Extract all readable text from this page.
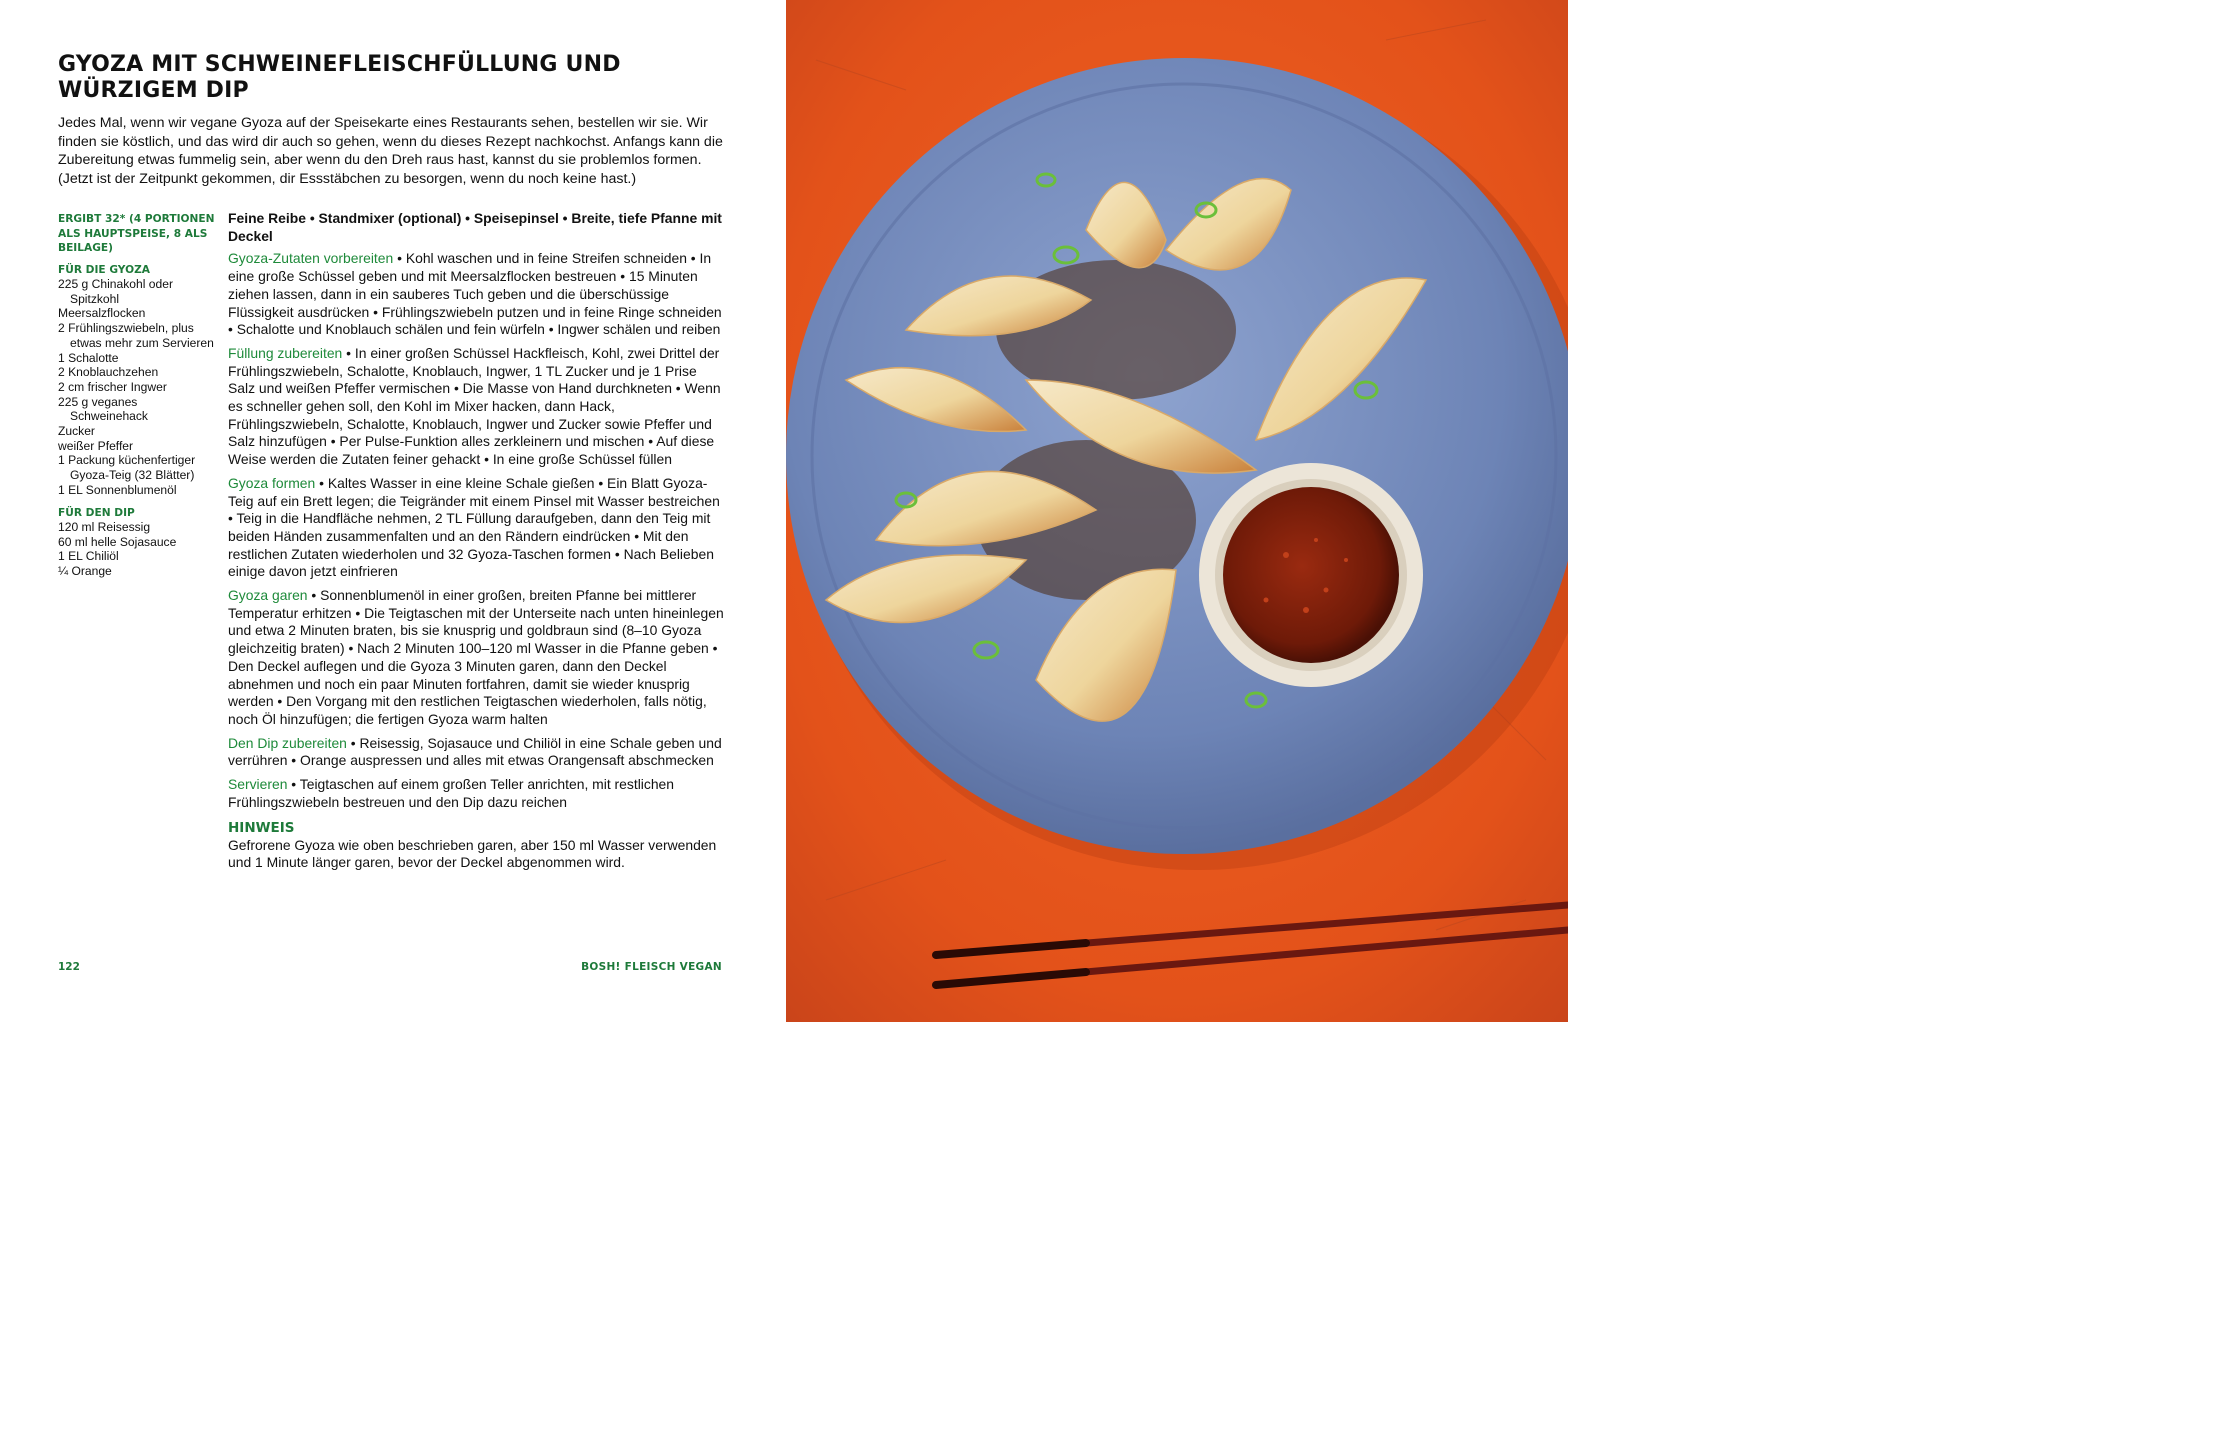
GYOZA MIT SCHWEINEFLEISCHFÜLLUNG UND WÜRZIGEM DIP

Jedes Mal, wenn wir vegane Gyoza auf der Speisekarte eines Restaurants sehen, bestellen wir sie. Wir finden sie köstlich, und das wird dir auch so gehen, wenn du dieses Rezept nachkochst. Anfangs kann die Zubereitung etwas fummelig sein, aber wenn du den Dreh raus hast, kannst du sie problemlos formen. (Jetzt ist der Zeitpunkt gekommen, dir Essstäbchen zu besorgen, wenn du noch keine hast.)

ERGIBT 32* (4 PORTIONEN ALS HAUPTSPEISE, 8 ALS BEILAGE)
FÜR DIE GYOZA
225 g Chinakohl oder Spitzkohl
Meersalzflocken
2 Frühlingszwiebeln, plus etwas mehr zum Servieren
1 Schalotte
2 Knoblauchzehen
2 cm frischer Ingwer
225 g veganes Schweinehack
Zucker
weißer Pfeffer
1 Packung küchenfertiger Gyoza-Teig (32 Blätter)
1 EL Sonnenblumenöl
FÜR DEN DIP
120 ml Reisessig
60 ml helle Sojasauce
1 EL Chiliöl
¼ Orange
Feine Reibe • Standmixer (optional) • Speisepinsel • Breite, tiefe Pfanne mit Deckel

Gyoza-Zutaten vorbereiten • Kohl waschen und in feine Streifen schneiden • In eine große Schüssel geben und mit Meersalzflocken bestreuen • 15 Minuten ziehen lassen, dann in ein sauberes Tuch geben und die überschüssige Flüssigkeit ausdrücken • Frühlingszwiebeln putzen und in feine Ringe schneiden • Schalotte und Knoblauch schälen und fein würfeln • Ingwer schälen und reiben

Füllung zubereiten • In einer großen Schüssel Hackfleisch, Kohl, zwei Drittel der Frühlingszwiebeln, Schalotte, Knoblauch, Ingwer, 1 TL Zucker und je 1 Prise Salz und weißen Pfeffer vermischen • Die Masse von Hand durchkneten • Wenn es schneller gehen soll, den Kohl im Mixer hacken, dann Hack, Frühlingszwiebeln, Schalotte, Knoblauch, Ingwer und Zucker sowie Pfeffer und Salz hinzufügen • Per Pulse-Funktion alles zerkleinern und mischen • Auf diese Weise werden die Zutaten feiner gehackt • In eine große Schüssel füllen

Gyoza formen • Kaltes Wasser in eine kleine Schale gießen • Ein Blatt Gyoza-Teig auf ein Brett legen; die Teigränder mit einem Pinsel mit Wasser bestreichen • Teig in die Handfläche nehmen, 2 TL Füllung daraufgeben, dann den Teig mit beiden Händen zusammenfalten und an den Rändern eindrücken • Mit den restlichen Zutaten wiederholen und 32 Gyoza-Taschen formen • Nach Belieben einige davon jetzt einfrieren

Gyoza garen • Sonnenblumenöl in einer großen, breiten Pfanne bei mittlerer Temperatur erhitzen • Die Teigtaschen mit der Unterseite nach unten hineinlegen und etwa 2 Minuten braten, bis sie knusprig und goldbraun sind (8–10 Gyoza gleichzeitig braten) • Nach 2 Minuten 100–120 ml Wasser in die Pfanne geben • Den Deckel auflegen und die Gyoza 3 Minuten garen, dann den Deckel abnehmen und noch ein paar Minuten fortfahren, damit sie wieder knusprig werden • Den Vorgang mit den restlichen Teigtaschen wiederholen, falls nötig, noch Öl hinzufügen; die fertigen Gyoza warm halten

Den Dip zubereiten • Reisessig, Sojasauce und Chiliöl in eine Schale geben und verrühren • Orange auspressen und alles mit etwas Orangensaft abschmecken

Servieren • Teigtaschen auf einem großen Teller anrichten, mit restlichen Frühlingszwiebeln bestreuen und den Dip dazu reichen

HINWEIS
Gefrorene Gyoza wie oben beschrieben garen, aber 150 ml Wasser verwenden und 1 Minute länger garen, bevor der Deckel abgenommen wird.
122	BOSH! FLEISCH VEGAN
